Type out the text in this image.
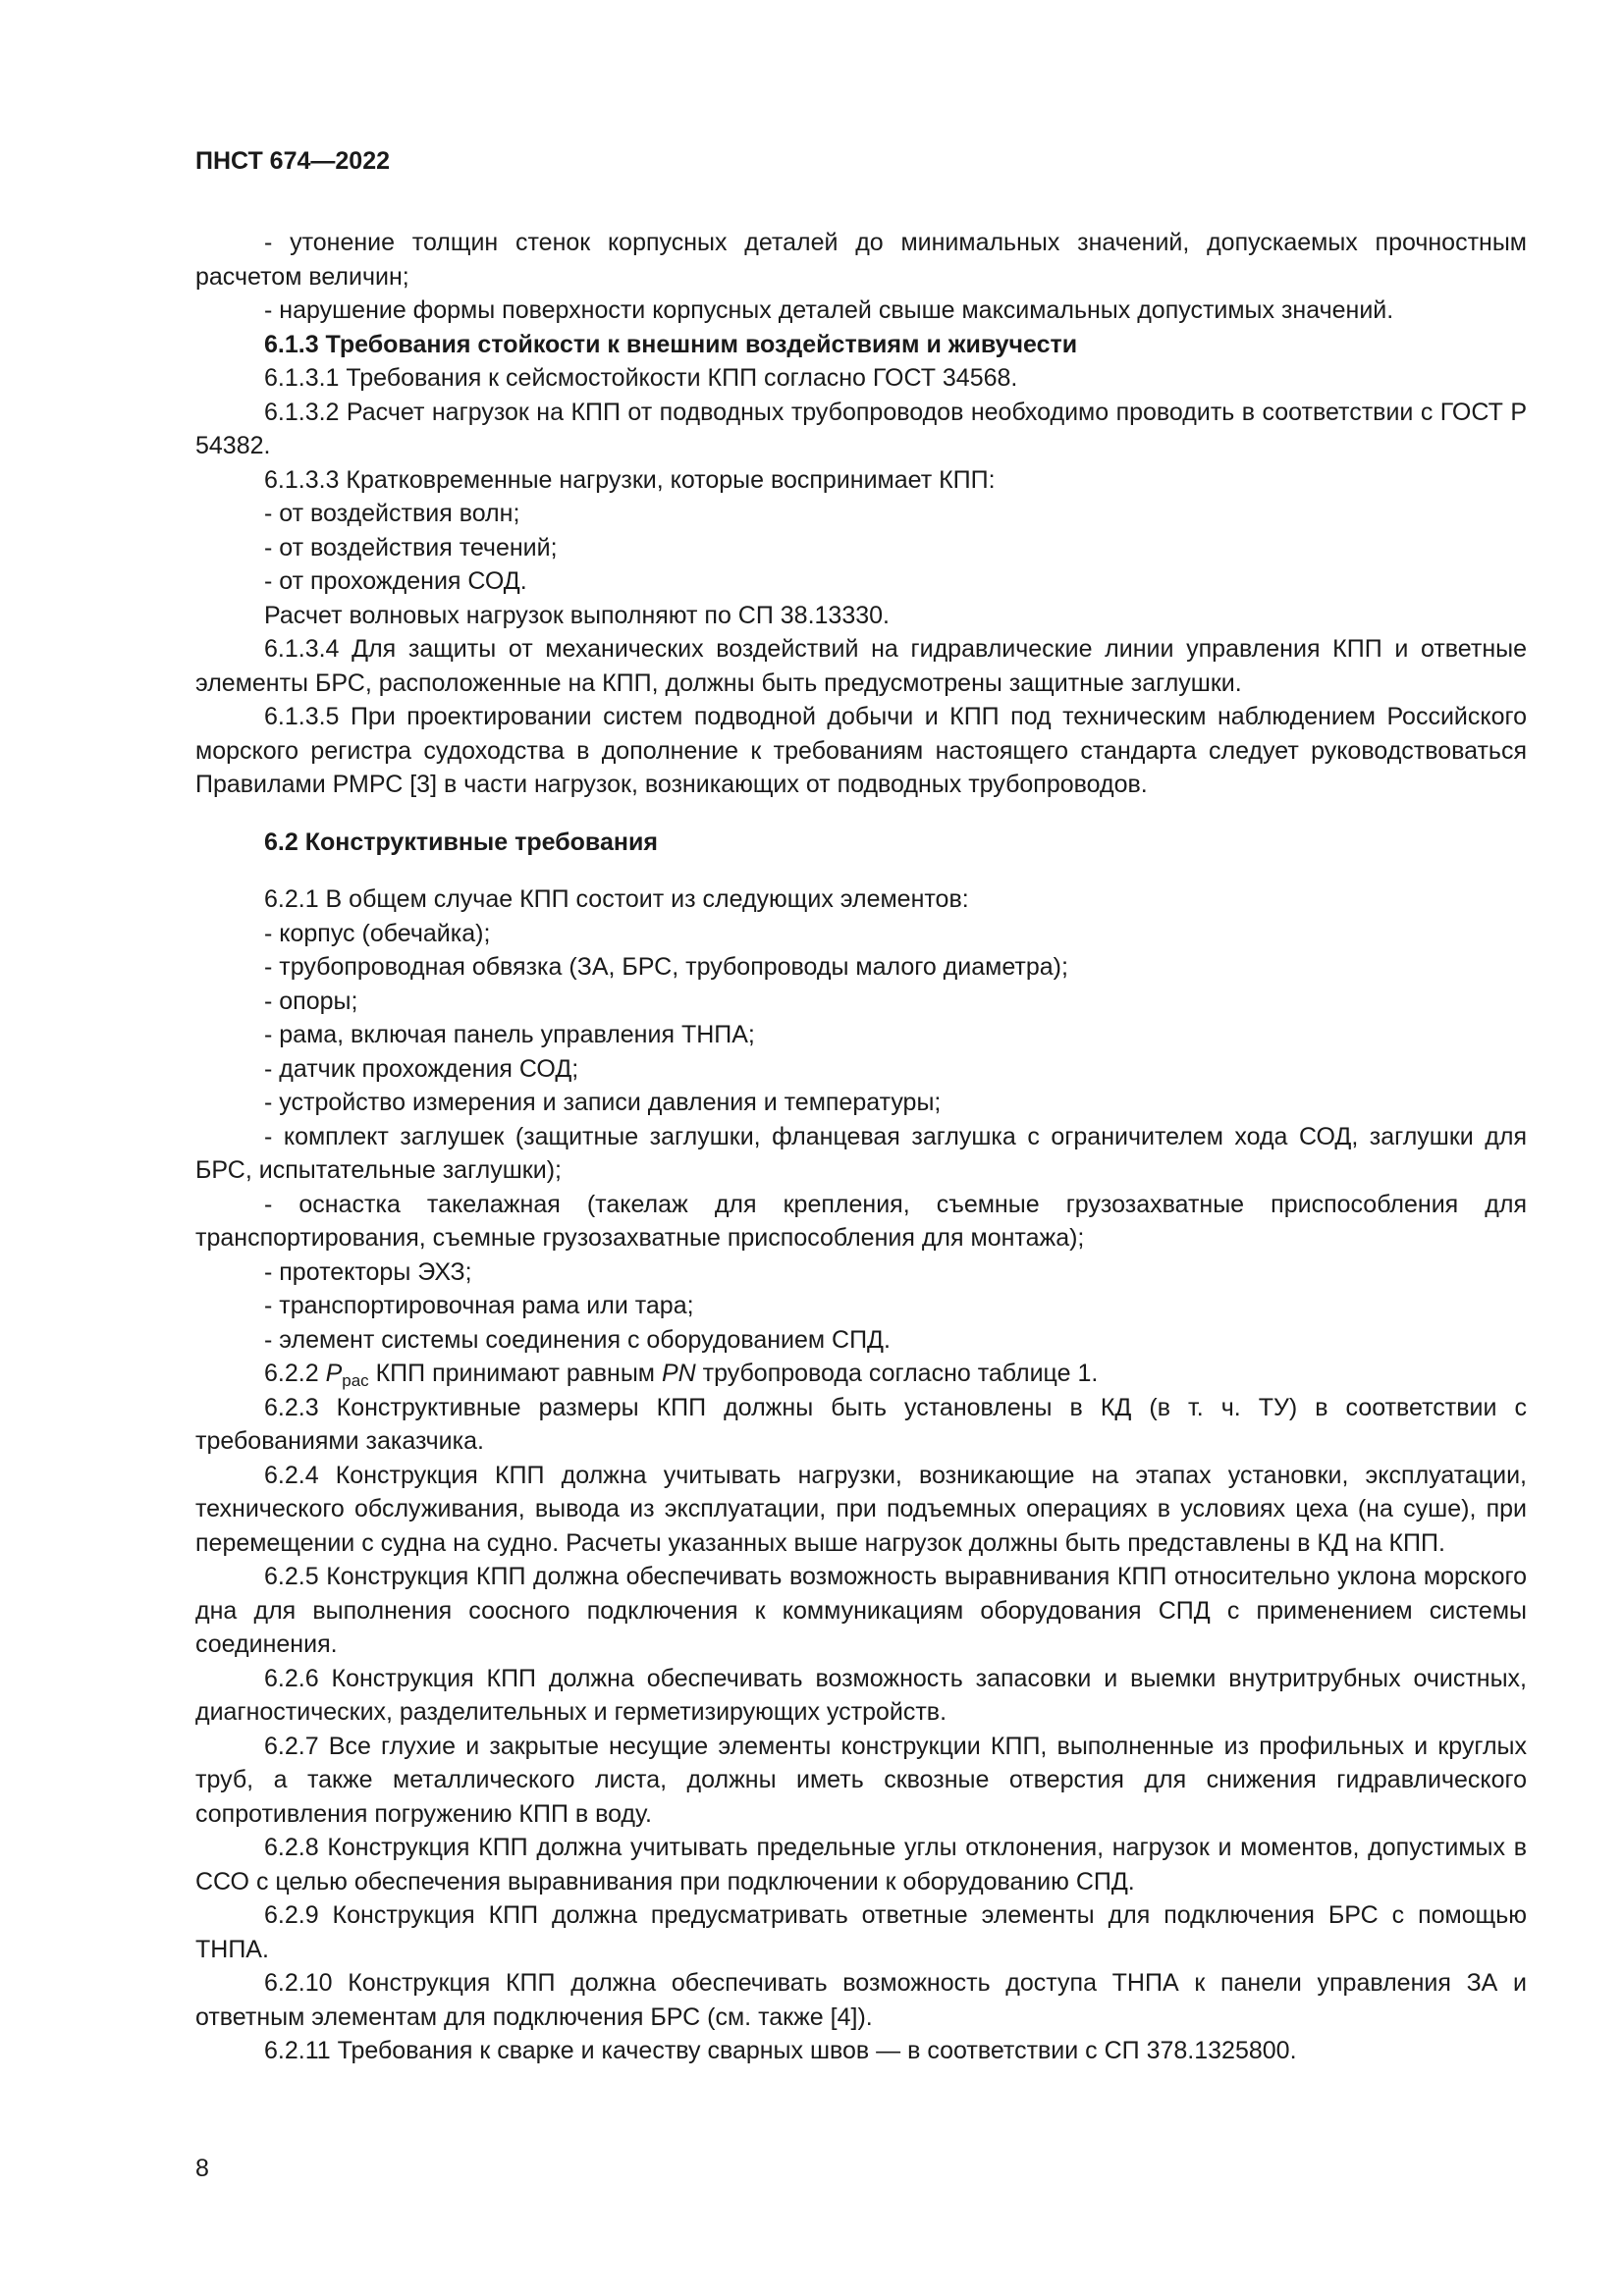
ПНСТ 674—2022

- утонение толщин стенок корпусных деталей до минимальных значений, допускаемых прочностным расчетом величин;

- нарушение формы поверхности корпусных деталей свыше максимальных допустимых значений.

6.1.3 Требования стойкости к внешним воздействиям и живучести

6.1.3.1 Требования к сейсмостойкости КПП согласно ГОСТ 34568.

6.1.3.2 Расчет нагрузок на КПП от подводных трубопроводов необходимо проводить в соответствии с ГОСТ Р 54382.

6.1.3.3 Кратковременные нагрузки, которые воспринимает КПП:

- от воздействия волн;

- от воздействия течений;

- от прохождения СОД.

Расчет волновых нагрузок выполняют по СП 38.13330.

6.1.3.4 Для защиты от механических воздействий на гидравлические линии управления КПП и ответные элементы БРС, расположенные на КПП, должны быть предусмотрены защитные заглушки.

6.1.3.5 При проектировании систем подводной добычи и КПП под техническим наблюдением Российского морского регистра судоходства в дополнение к требованиям настоящего стандарта следует руководствоваться Правилами РМРС [3] в части нагрузок, возникающих от подводных трубопроводов.

6.2 Конструктивные требования

6.2.1 В общем случае КПП состоит из следующих элементов:

- корпус (обечайка);

- трубопроводная обвязка (ЗА, БРС, трубопроводы малого диаметра);

- опоры;

- рама, включая панель управления ТНПА;

- датчик прохождения СОД;

- устройство измерения и записи давления и температуры;

- комплект заглушек (защитные заглушки, фланцевая заглушка с ограничителем хода СОД, заглушки для БРС, испытательные заглушки);

- оснастка такелажная (такелаж для крепления, съемные грузозахватные приспособления для транспортирования, съемные грузозахватные приспособления для монтажа);

- протекторы ЭХЗ;

- транспортировочная рама или тара;

- элемент системы соединения с оборудованием СПД.

6.2.2 $P_{рас}$ КПП принимают равным PN трубопровода согласно таблице 1.

6.2.3 Конструктивные размеры КПП должны быть установлены в КД (в т. ч. ТУ) в соответствии с требованиями заказчика.

6.2.4 Конструкция КПП должна учитывать нагрузки, возникающие на этапах установки, эксплуатации, технического обслуживания, вывода из эксплуатации, при подъемных операциях в условиях цеха (на суше), при перемещении с судна на судно. Расчеты указанных выше нагрузок должны быть представлены в КД на КПП.

6.2.5 Конструкция КПП должна обеспечивать возможность выравнивания КПП относительно уклона морского дна для выполнения соосного подключения к коммуникациям оборудования СПД с применением системы соединения.

6.2.6 Конструкция КПП должна обеспечивать возможность запасовки и выемки внутритрубных очистных, диагностических, разделительных и герметизирующих устройств.

6.2.7 Все глухие и закрытые несущие элементы конструкции КПП, выполненные из профильных и круглых труб, а также металлического листа, должны иметь сквозные отверстия для снижения гидравлического сопротивления погружению КПП в воду.

6.2.8 Конструкция КПП должна учитывать предельные углы отклонения, нагрузок и моментов, допустимых в ССО с целью обеспечения выравнивания при подключении к оборудованию СПД.

6.2.9 Конструкция КПП должна предусматривать ответные элементы для подключения БРС с помощью ТНПА.

6.2.10 Конструкция КПП должна обеспечивать возможность доступа ТНПА к панели управления ЗА и ответным элементам для подключения БРС (см. также [4]).

6.2.11 Требования к сварке и качеству сварных швов — в соответствии с СП 378.1325800.

8
